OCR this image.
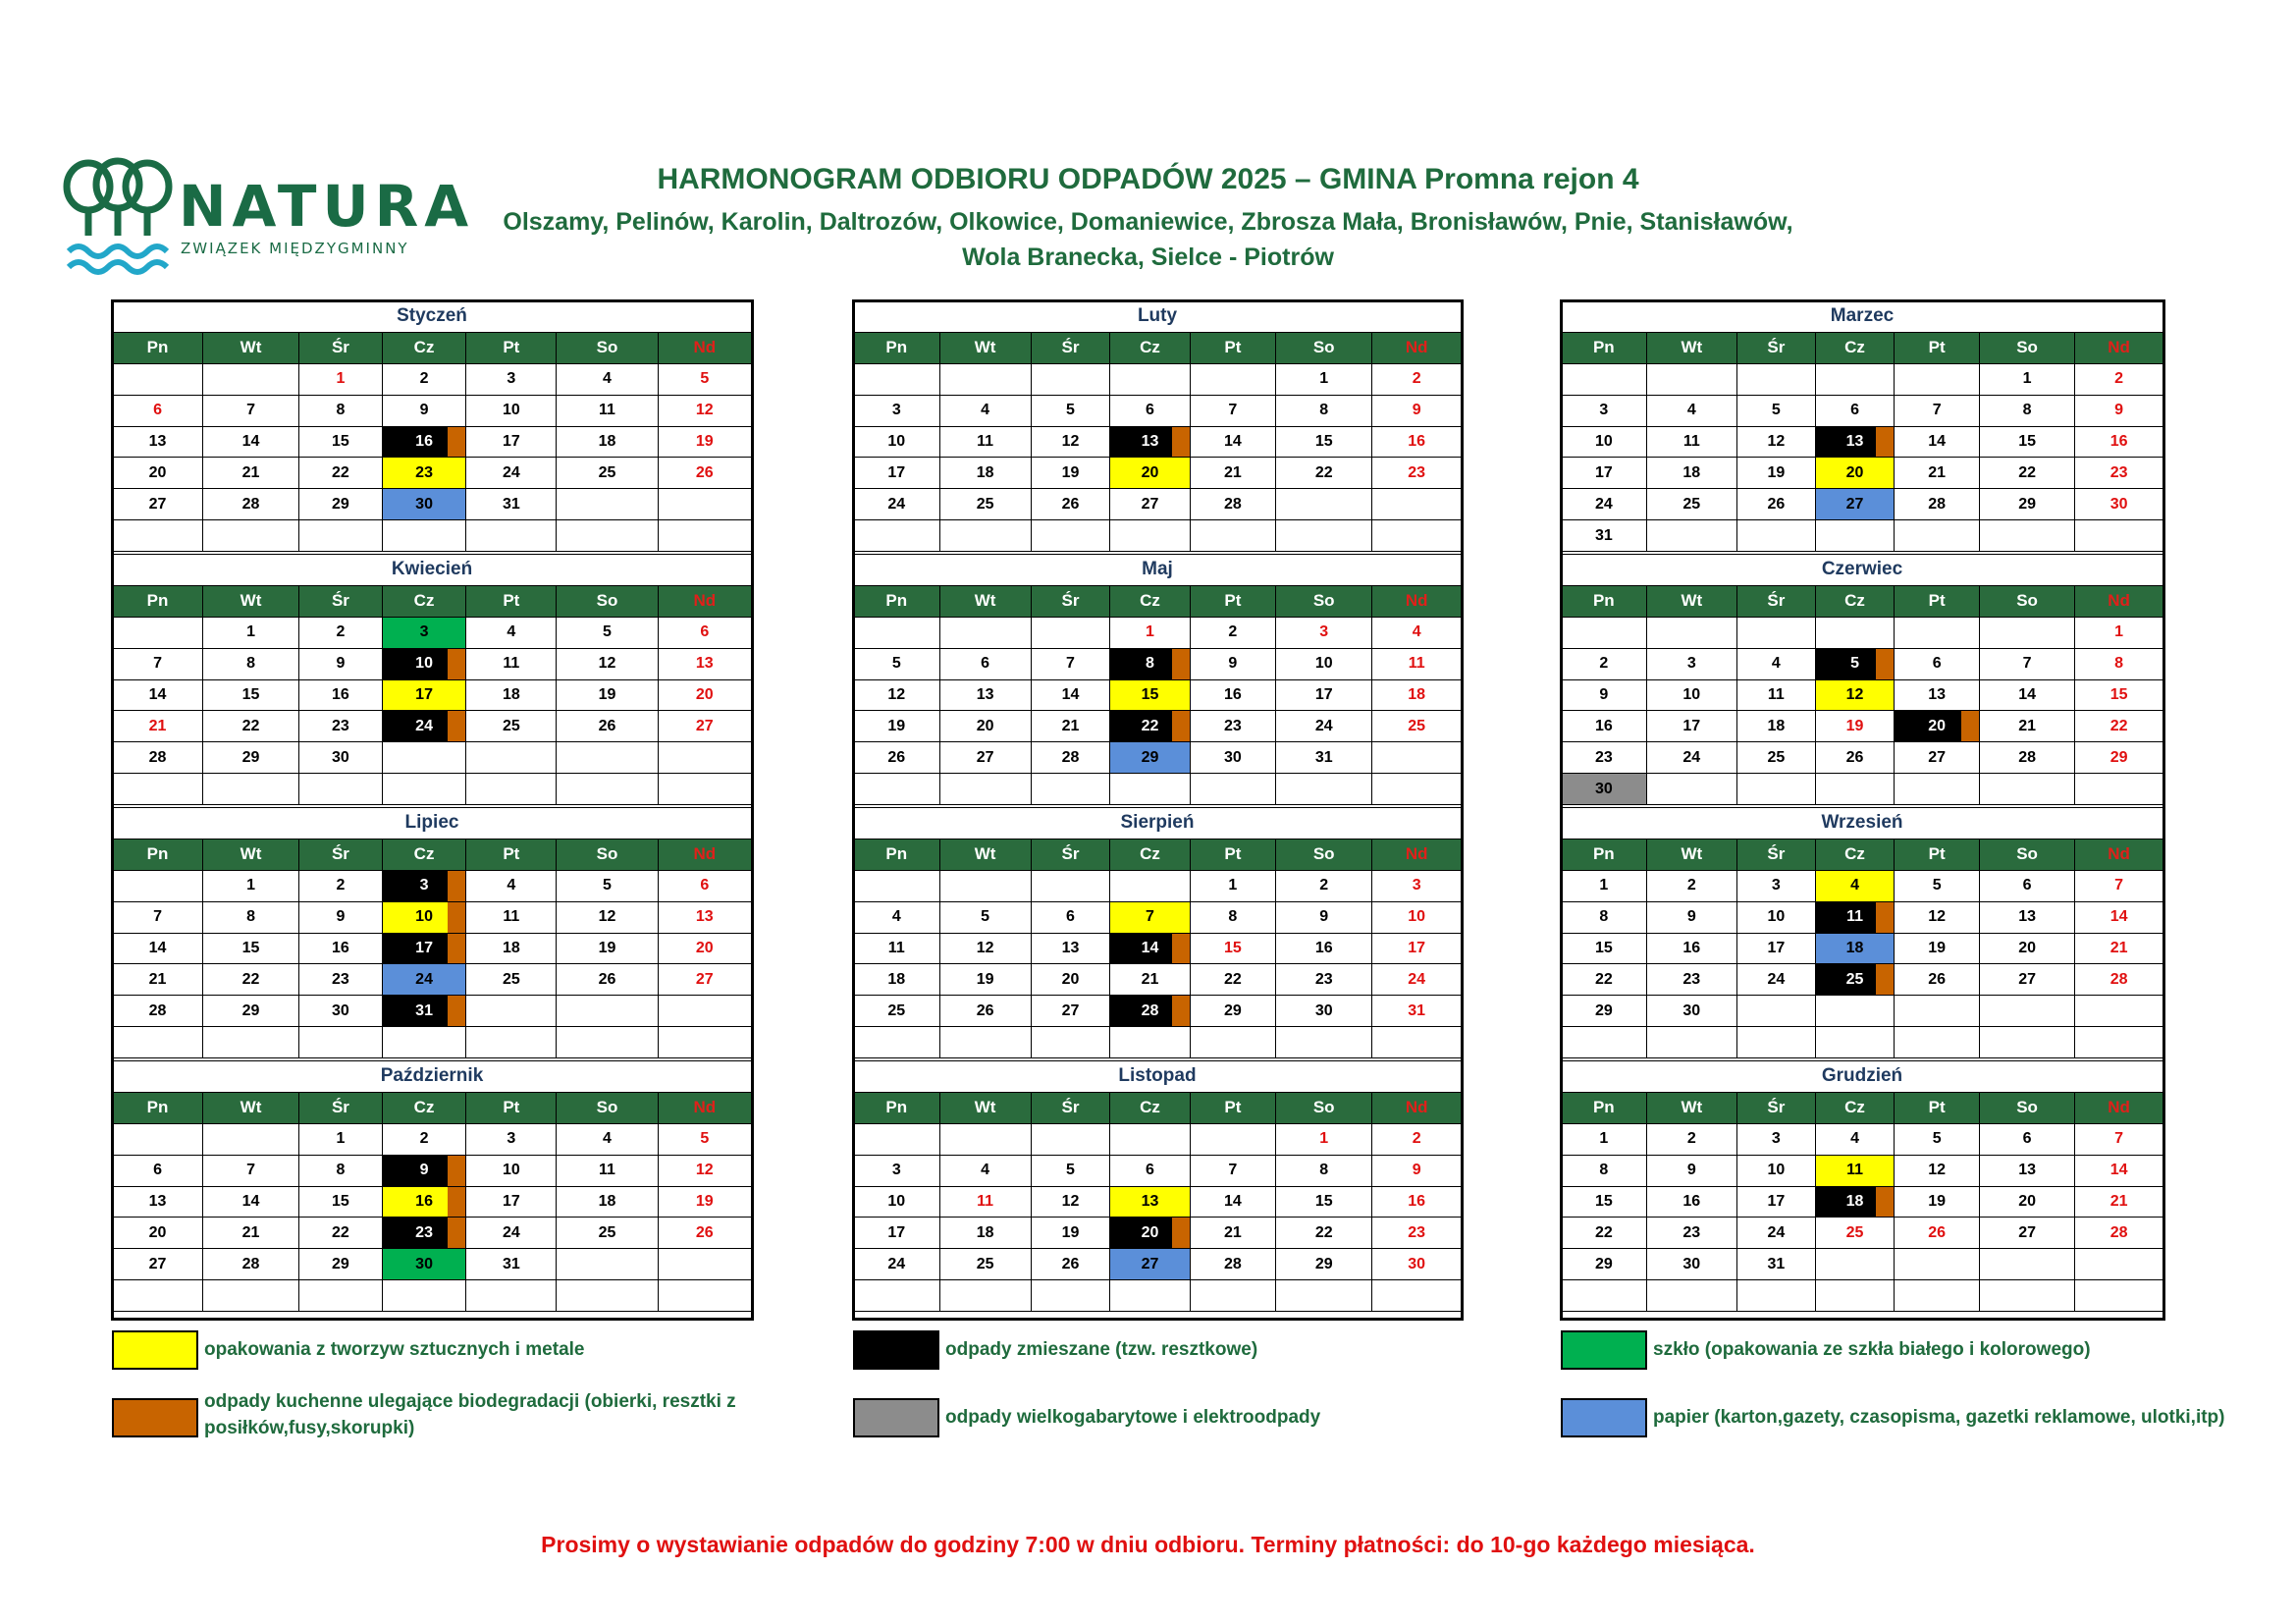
NATURA
ZWIĄZEK MIĘDZYGMINNY
HARMONOGRAM ODBIORU ODPADÓW 2025 – GMINA Promna rejon 4
Olszamy, Pelinów, Karolin, Daltrozów, Olkowice, Domaniewice, Zbrosza Mała, Bronisławów, Pnie, Stanisławów,
Wola Branecka, Sielce - Piotrów
Styczeń						
Pn	Wt	Śr	Cz	Pt	So	Nd
		1	2	3	4	5
6	7	8	9	10	11	12
13	14	15	16	17	18	19
20	21	22	23	24	25	26
27	28	29	30	31		

Luty						
Pn	Wt	Śr	Cz	Pt	So	Nd
					1	2
3	4	5	6	7	8	9
10	11	12	13	14	15	16
17	18	19	20	21	22	23
24	25	26	27	28		

Marzec						
Pn	Wt	Śr	Cz	Pt	So	Nd
					1	2
3	4	5	6	7	8	9
10	11	12	13	14	15	16
17	18	19	20	21	22	23
24	25	26	27	28	29	30
31						
Kwiecień						
Pn	Wt	Śr	Cz	Pt	So	Nd
	1	2	3	4	5	6
7	8	9	10	11	12	13
14	15	16	17	18	19	20
21	22	23	24	25	26	27
28	29	30				

Maj						
Pn	Wt	Śr	Cz	Pt	So	Nd
			1	2	3	4
5	6	7	8	9	10	11
12	13	14	15	16	17	18
19	20	21	22	23	24	25
26	27	28	29	30	31	

Czerwiec						
Pn	Wt	Śr	Cz	Pt	So	Nd
						1
2	3	4	5	6	7	8
9	10	11	12	13	14	15
16	17	18	19	20	21	22
23	24	25	26	27	28	29
30						
Lipiec						
Pn	Wt	Śr	Cz	Pt	So	Nd
	1	2	3	4	5	6
7	8	9	10	11	12	13
14	15	16	17	18	19	20
21	22	23	24	25	26	27
28	29	30	31			

Sierpień						
Pn	Wt	Śr	Cz	Pt	So	Nd
				1	2	3
4	5	6	7	8	9	10
11	12	13	14	15	16	17
18	19	20	21	22	23	24
25	26	27	28	29	30	31

Wrzesień						
Pn	Wt	Śr	Cz	Pt	So	Nd
1	2	3	4	5	6	7
8	9	10	11	12	13	14
15	16	17	18	19	20	21
22	23	24	25	26	27	28
29	30					

Październik						
Pn	Wt	Śr	Cz	Pt	So	Nd
		1	2	3	4	5
6	7	8	9	10	11	12
13	14	15	16	17	18	19
20	21	22	23	24	25	26
27	28	29	30	31		

Listopad						
Pn	Wt	Śr	Cz	Pt	So	Nd
					1	2
3	4	5	6	7	8	9
10	11	12	13	14	15	16
17	18	19	20	21	22	23
24	25	26	27	28	29	30

Grudzień						
Pn	Wt	Śr	Cz	Pt	So	Nd
1	2	3	4	5	6	7
8	9	10	11	12	13	14
15	16	17	18	19	20	21
22	23	24	25	26	27	28
29	30	31				

opakowania z tworzyw sztucznych i metale	odpady zmieszane (tzw. resztkowe)	szkło (opakowania ze szkła białego i kolorowego)
odpady kuchenne ulegające biodegradacji (obierki, resztki z posiłków,fusy,skorupki)
odpady wielkogabarytowe i elektroodpady	papier (karton,gazety, czasopisma, gazetki reklamowe, ulotki,itp)
Prosimy o wystawianie odpadów do godziny 7:00 w dniu odbioru. Terminy płatności: do 10-go każdego miesiąca.
